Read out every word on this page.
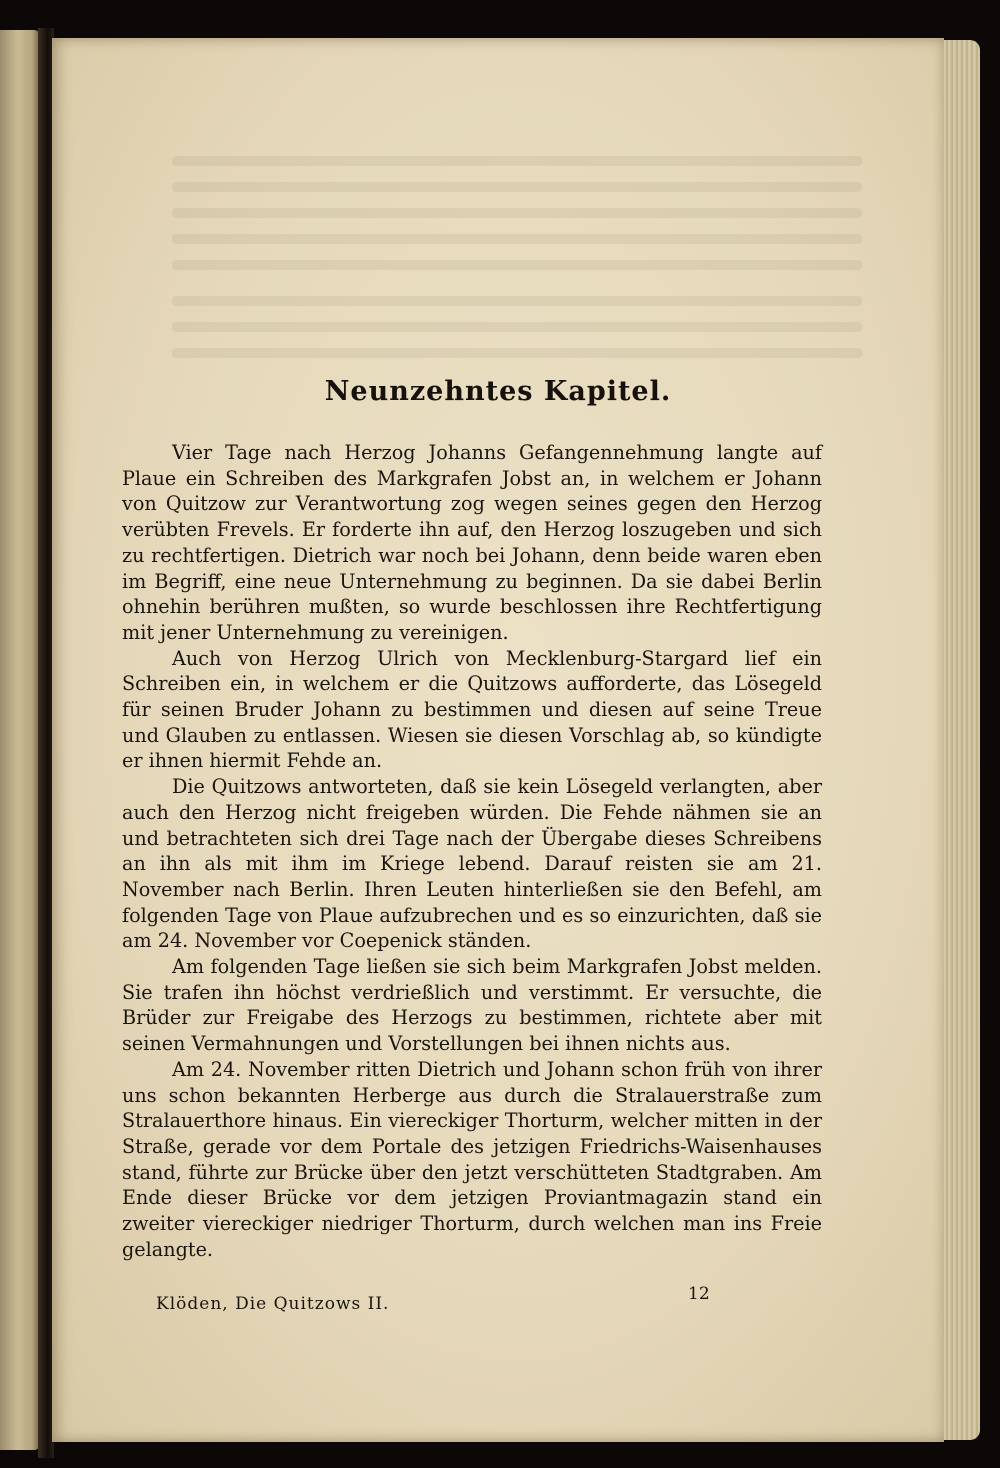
Neunzehntes Kapitel.

Vier Tage nach Herzog Johanns Gefangennehmung langte auf Plaue ein Schreiben des Markgrafen Jobst an, in welchem er Johann von Quitzow zur Verantwortung zog wegen seines gegen den Herzog verübten Frevels. Er forderte ihn auf, den Herzog loszugeben und sich zu rechtfertigen. Dietrich war noch bei Johann, denn beide waren eben im Begriff, eine neue Unternehmung zu beginnen. Da sie dabei Berlin ohnehin berühren mußten, so wurde beschlossen ihre Rechtfertigung mit jener Unternehmung zu vereinigen.

Auch von Herzog Ulrich von Mecklenburg-Stargard lief ein Schreiben ein, in welchem er die Quitzows aufforderte, das Lösegeld für seinen Bruder Johann zu bestimmen und diesen auf seine Treue und Glauben zu entlassen. Wiesen sie diesen Vorschlag ab, so kündigte er ihnen hiermit Fehde an.

Die Quitzows antworteten, daß sie kein Lösegeld verlangten, aber auch den Herzog nicht freigeben würden. Die Fehde nähmen sie an und betrachteten sich drei Tage nach der Übergabe dieses Schreibens an ihn als mit ihm im Kriege lebend. Darauf reisten sie am 21. November nach Berlin. Ihren Leuten hinterließen sie den Befehl, am folgenden Tage von Plaue aufzubrechen und es so einzurichten, daß sie am 24. November vor Coepenick ständen.

Am folgenden Tage ließen sie sich beim Markgrafen Jobst melden. Sie trafen ihn höchst verdrießlich und verstimmt. Er versuchte, die Brüder zur Freigabe des Herzogs zu bestimmen, richtete aber mit seinen Vermahnungen und Vorstellungen bei ihnen nichts aus.

Am 24. November ritten Dietrich und Johann schon früh von ihrer uns schon bekannten Herberge aus durch die Stralauerstraße zum Stralauerthore hinaus. Ein viereckiger Thorturm, welcher mitten in der Straße, gerade vor dem Portale des jetzigen Friedrichs-Waisenhauses stand, führte zur Brücke über den jetzt verschütteten Stadtgraben. Am Ende dieser Brücke vor dem jetzigen Proviantmagazin stand ein zweiter viereckiger niedriger Thorturm, durch welchen man ins Freie gelangte.

Klöden, Die Quitzows II.	12
